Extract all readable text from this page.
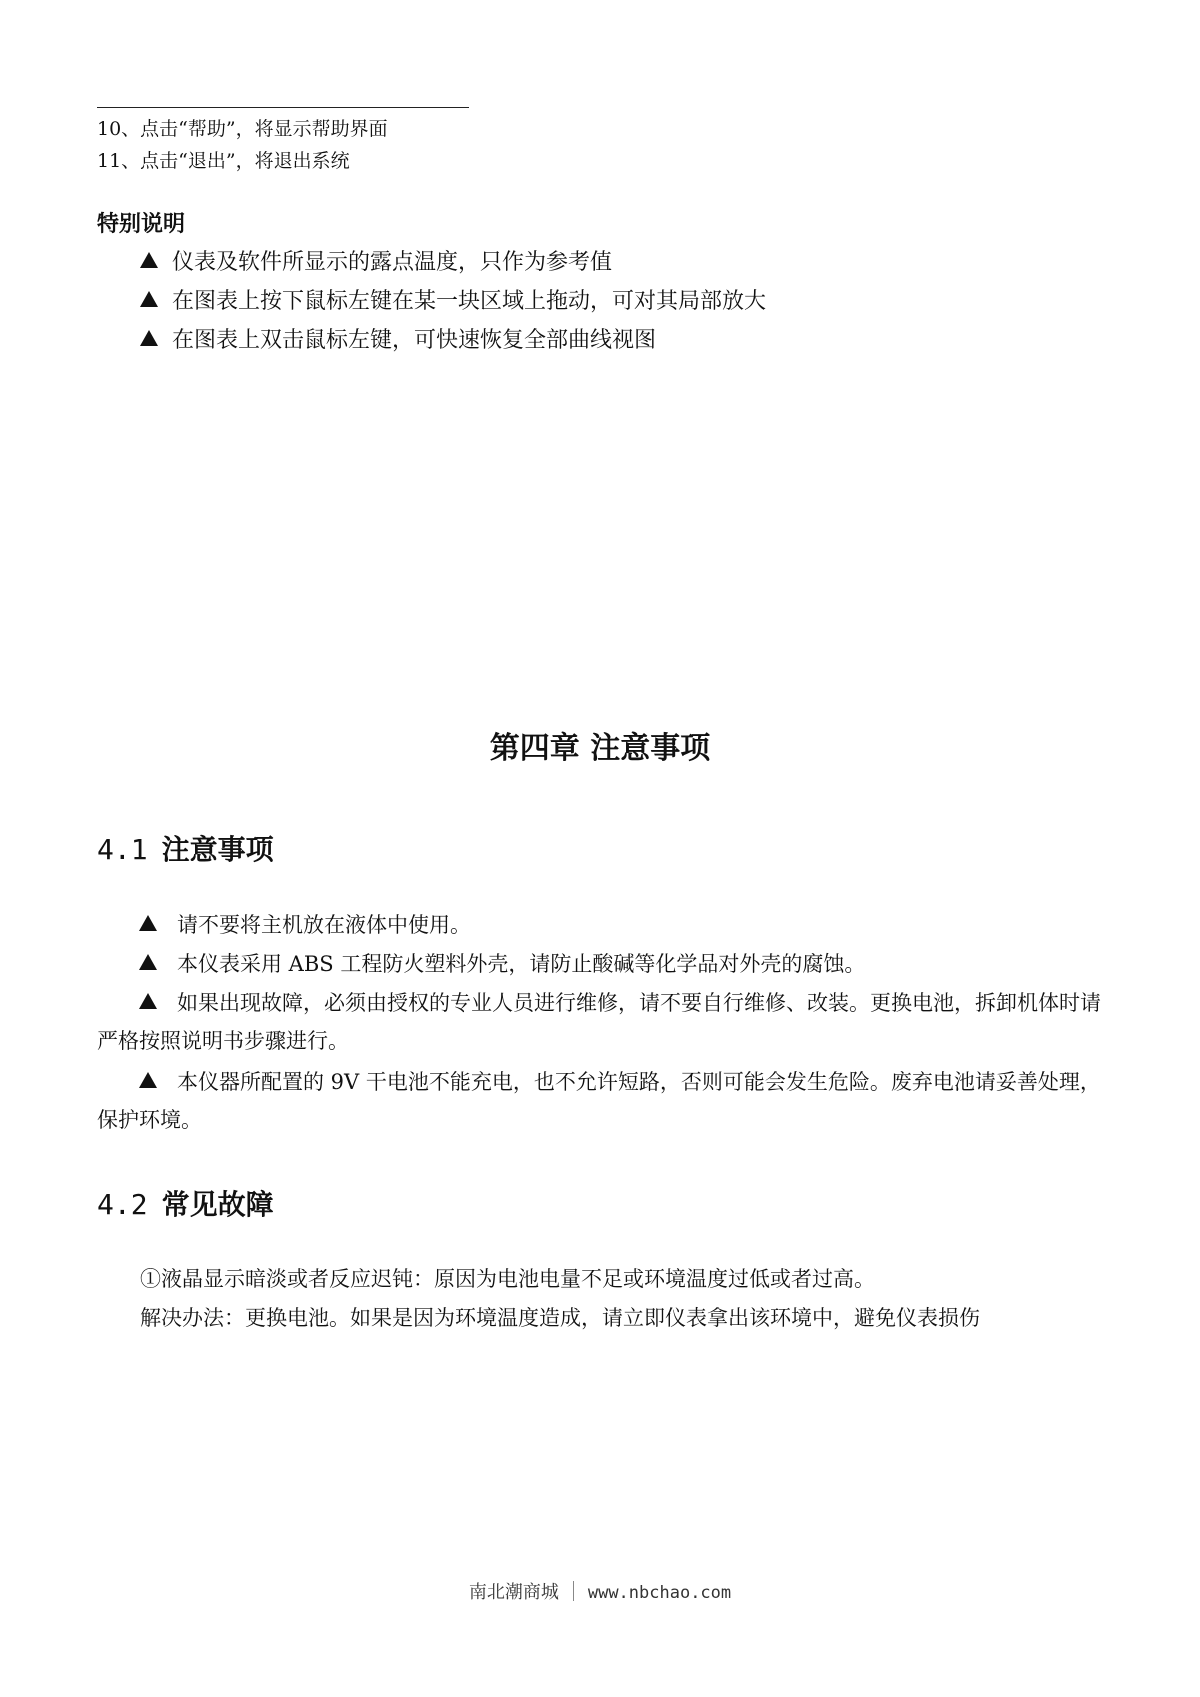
10、点击“帮助”，将显示帮助界面
11、点击“退出”，将退出系统
特别说明
仪表及软件所显示的露点温度，只作为参考值
在图表上按下鼠标左键在某一块区域上拖动，可对其局部放大
在图表上双击鼠标左键，可快速恢复全部曲线视图
第四章 注意事项
4.1 注意事项
请不要将主机放在液体中使用。
本仪表采用 ABS 工程防火塑料外壳，请防止酸碱等化学品对外壳的腐蚀。
如果出现故障，必须由授权的专业人员进行维修，请不要自行维修、改装。更换电池，拆卸机体时请严格按照说明书步骤进行。
本仪器所配置的 9V 干电池不能充电，也不允许短路，否则可能会发生危险。废弃电池请妥善处理，保护环境。
4.2 常见故障
①液晶显示暗淡或者反应迟钝：原因为电池电量不足或环境温度过低或者过高。
解决办法：更换电池。如果是因为环境温度造成，请立即仪表拿出该环境中，避免仪表损伤
南北潮商城 www.nbchao.com
